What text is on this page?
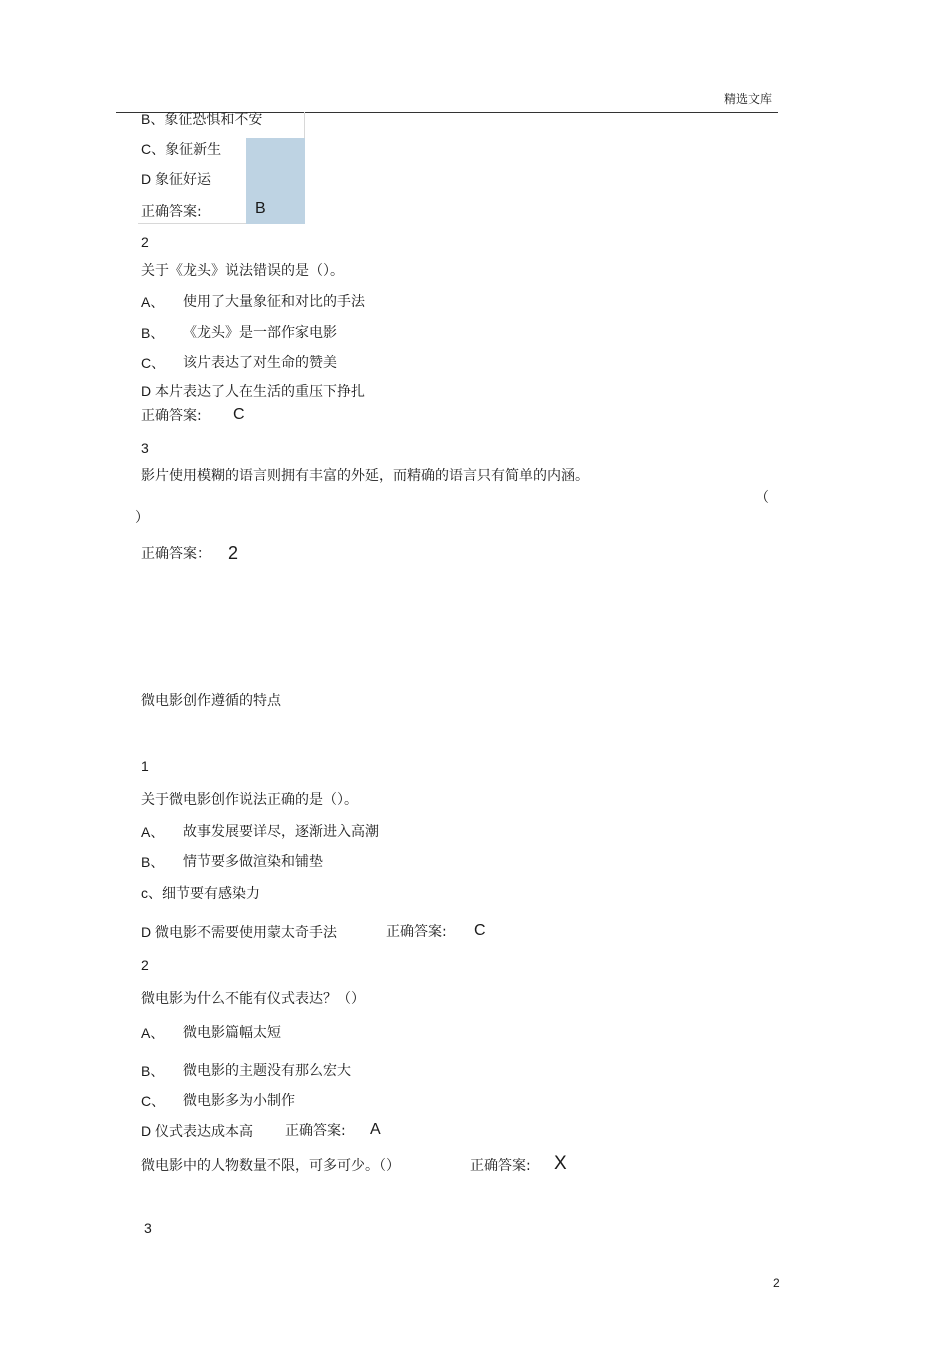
精选文库
B、象征恐惧和不安
C、象征新生
D 象征好运
正确答案:	B
2
关于《龙头》说法错误的是（）。
A、 使用了大量象征和对比的手法
B、 《龙头》是一部作家电影
C、 该片表达了对生命的赞美
D 本片表达了人在生活的重压下挣扎
正确答案: C
3
影片使用模糊的语言则拥有丰富的外延，而精确的语言只有简单的内涵。
（
）
正确答案： 2
微电影创作遵循的特点
1
关于微电影创作说法正确的是（）。
A、 故事发展要详尽，逐渐进入高潮
B、 情节要多做渲染和铺垫
c、细节要有感染力
D 微电影不需要使用蒙太奇手法	正确答案: C
2
微电影为什么不能有仪式表达？（）
A、 微电影篇幅太短
B、 微电影的主题没有那么宏大
C、 微电影多为小制作
D 仪式表达成本高 正确答案: A
微电影中的人物数量不限，可多可少。（）	正确答案: X
3
2
